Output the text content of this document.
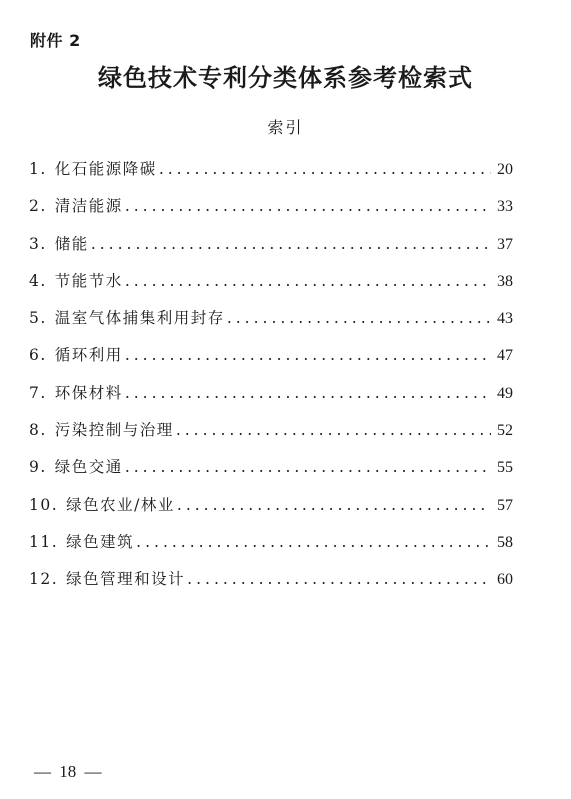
附件 2
绿色技术专利分类体系参考检索式
索引
1. 化石能源降碳 .....	20
2. 清洁能源 .....	33
3. 储能 .....	37
4. 节能节水 .....	38
5. 温室气体捕集利用封存 .....	43
6. 循环利用 .....	47
7. 环保材料 .....	49
8. 污染控制与治理 .....	52
9. 绿色交通 .....	55
10. 绿色农业/林业 .....	57
11. 绿色建筑 .....	58
12. 绿色管理和设计 .....	60
— 18 —
